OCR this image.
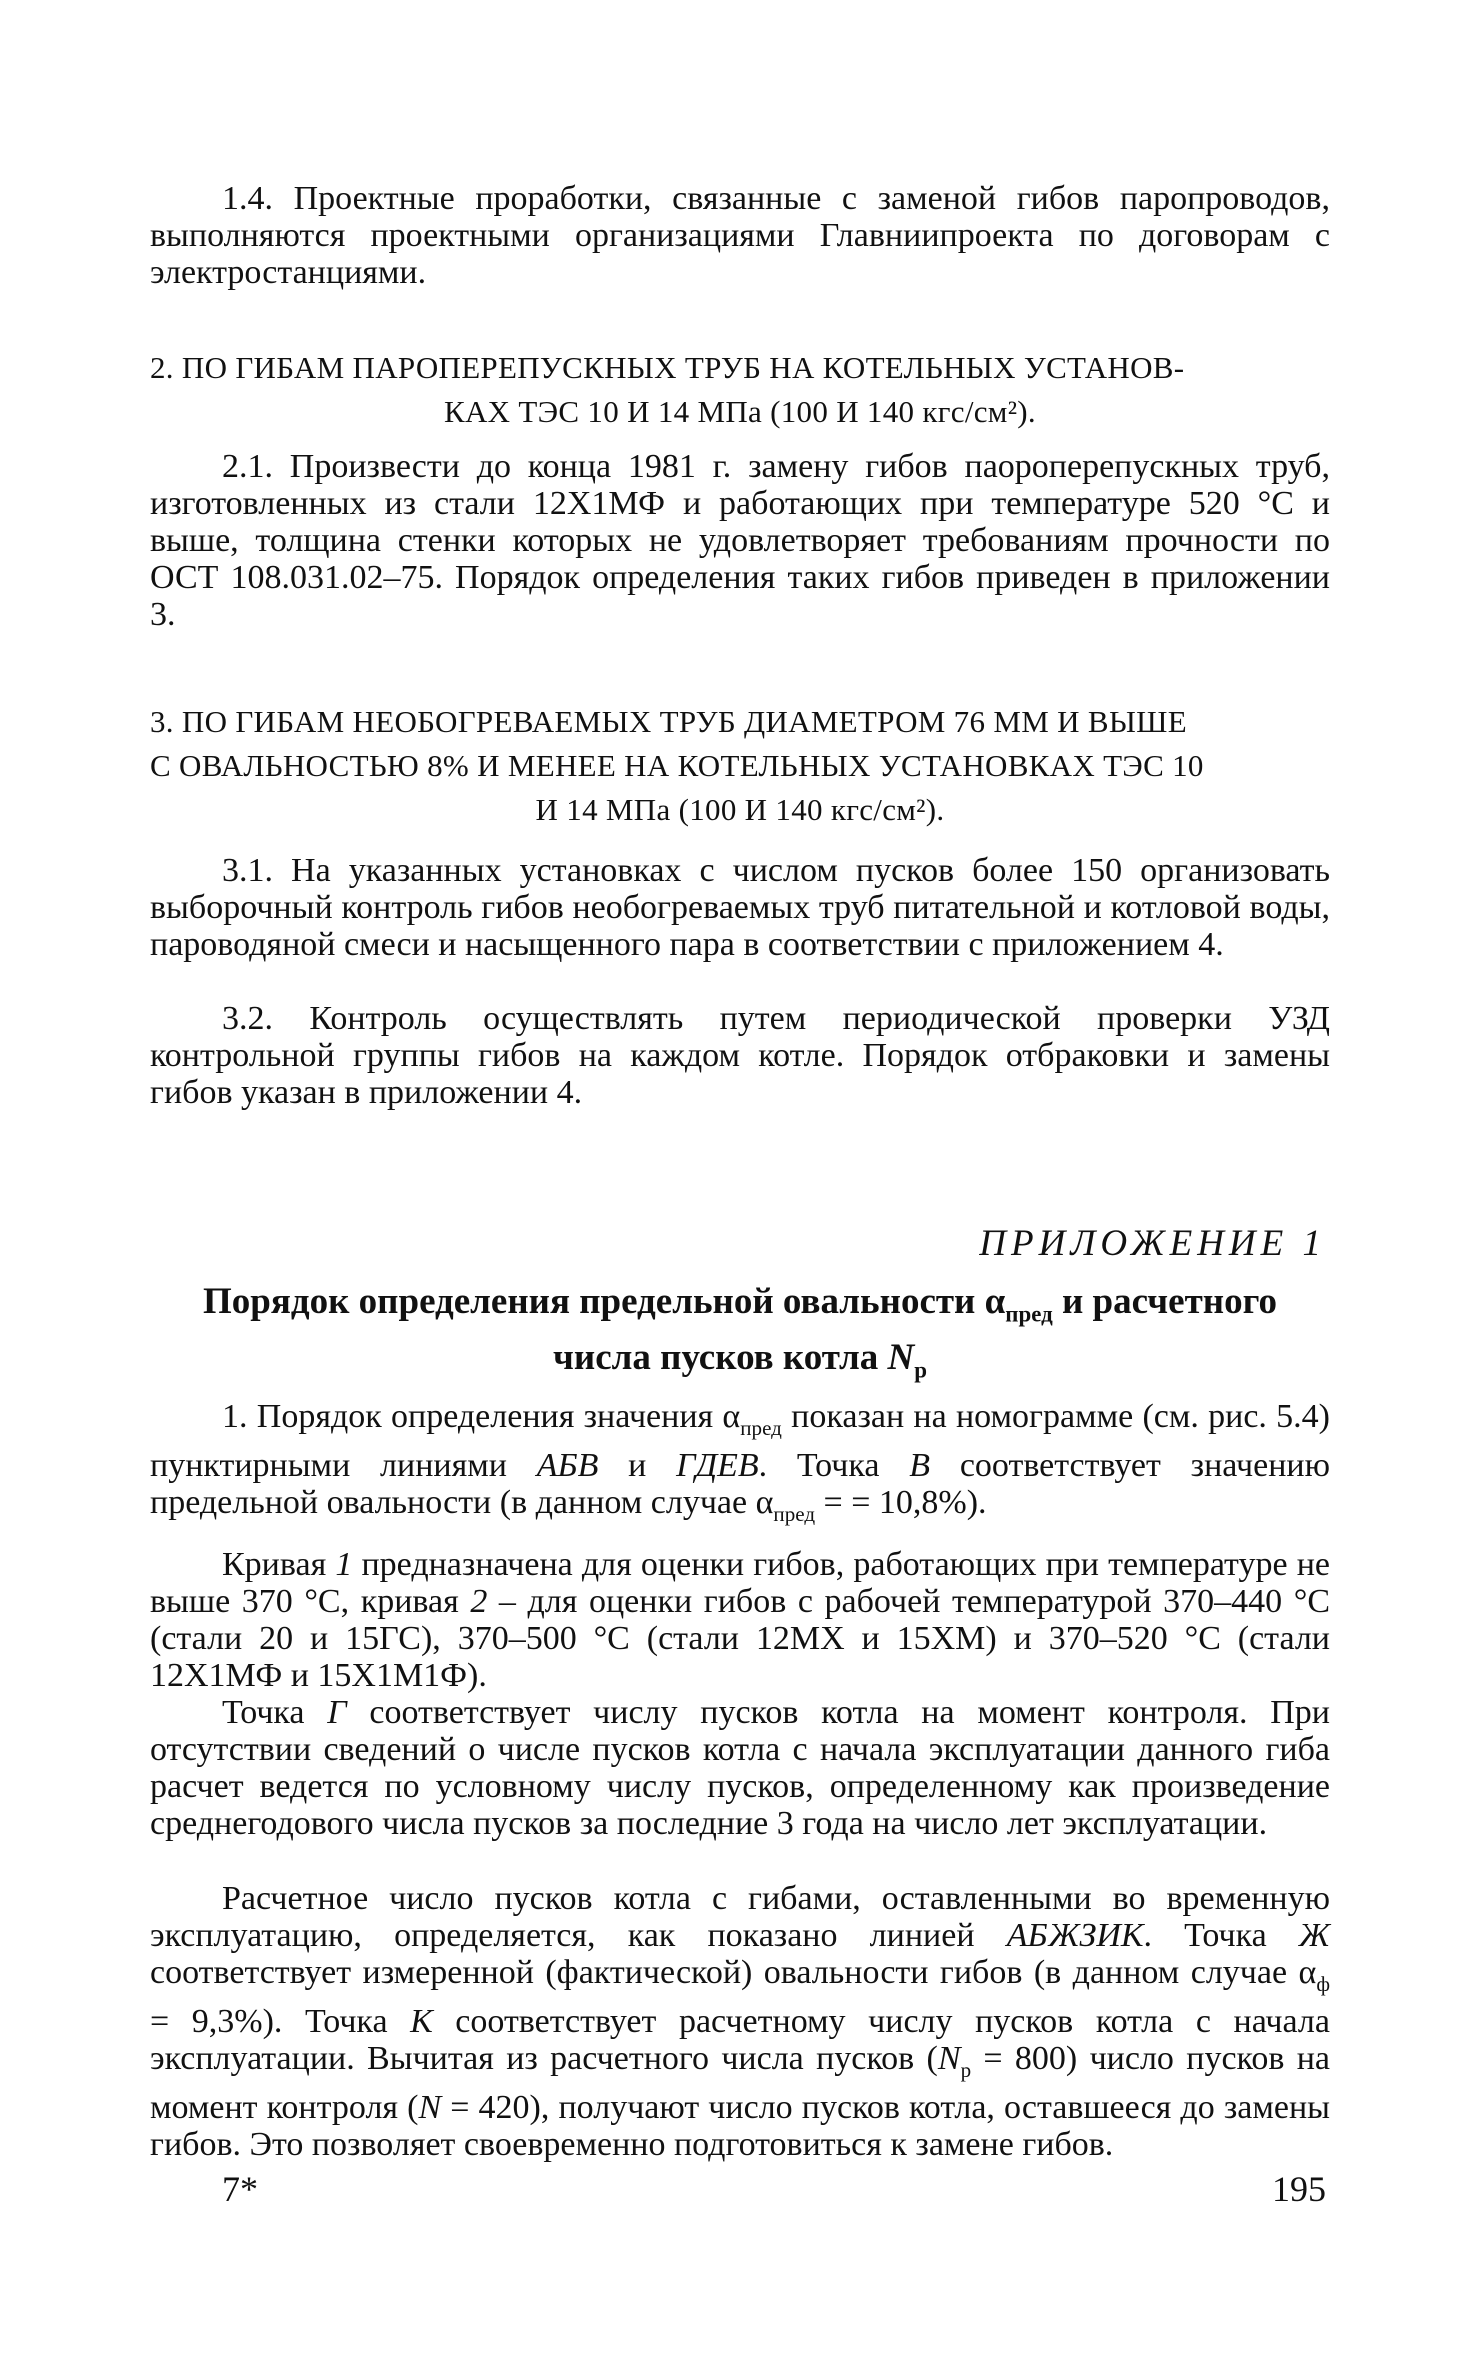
1.4. Проектные проработки, связанные с заменой гибов паропроводов, выполняются проектными организациями Главниипроекта по договорам с электростанциями.

2. ПО ГИБАМ ПАРОПЕРЕПУСКНЫХ ТРУБ НА КОТЕЛЬНЫХ УСТАНОВ-
КАХ ТЭС 10 И 14 МПа (100 И 140 кгс/см²).

2.1. Произвести до конца 1981 г. замену гибов паороперепускных труб, изготовленных из стали 12Х1МФ и работающих при температуре 520 °С и выше, толщина стенки которых не удовлетворяет требованиям прочности по ОСТ 108.031.02–75. Порядок определения таких гибов приведен в приложении 3.

3. ПО ГИБАМ НЕОБОГРЕВАЕМЫХ ТРУБ ДИАМЕТРОМ 76 ММ И ВЫШЕ
С ОВАЛЬНОСТЬЮ 8% И МЕНЕЕ НА КОТЕЛЬНЫХ УСТАНОВКАХ ТЭС 10
И 14 МПа (100 И 140 кгс/см²).

3.1. На указанных установках с числом пусков более 150 организовать выборочный контроль гибов необогреваемых труб питательной и котловой воды, пароводяной смеси и насыщенного пара в соответствии с приложением 4.

3.2. Контроль осуществлять путем периодической проверки УЗД контрольной группы гибов на каждом котле. Порядок отбраковки и замены гибов указан в приложении 4.

ПРИЛОЖЕНИЕ 1

Порядок определения предельной овальности $\alpha_{пред}$ и расчетного
числа пусков котла $N_р$

1. Порядок определения значения $\alpha_{пред}$ показан на номограмме (см. рис. 5.4) пунктирными линиями АБВ и ГДЕВ. Точка В соответствует значению предельной овальности (в данном случае $\alpha_{пред}$ = = 10,8%).

Кривая 1 предназначена для оценки гибов, работающих при температуре не выше 370 °С, кривая 2 – для оценки гибов с рабочей температурой 370–440 °С (стали 20 и 15ГС), 370–500 °С (стали 12МХ и 15ХМ) и 370–520 °С (стали 12Х1МФ и 15Х1М1Ф).

Точка Г соответствует числу пусков котла на момент контроля. При отсутствии сведений о числе пусков котла с начала эксплуатации данного гиба расчет ведется по условному числу пусков, определенному как произведение среднегодового числа пусков за последние 3 года на число лет эксплуатации.

Расчетное число пусков котла с гибами, оставленными во временную эксплуатацию, определяется, как показано линией АБЖЗИК. Точка Ж соответствует измеренной (фактической) овальности гибов (в данном случае $\alpha_ф = 9,3\%$). Точка К соответствует расчетному числу пусков котла с начала эксплуатации. Вычитая из расчетного числа пусков $(N_р = 800)$ число пусков на момент контроля (N = 420), получают число пусков котла, оставшееся до замены гибов. Это позволяет своевременно подготовиться к замене гибов.

7*	195
